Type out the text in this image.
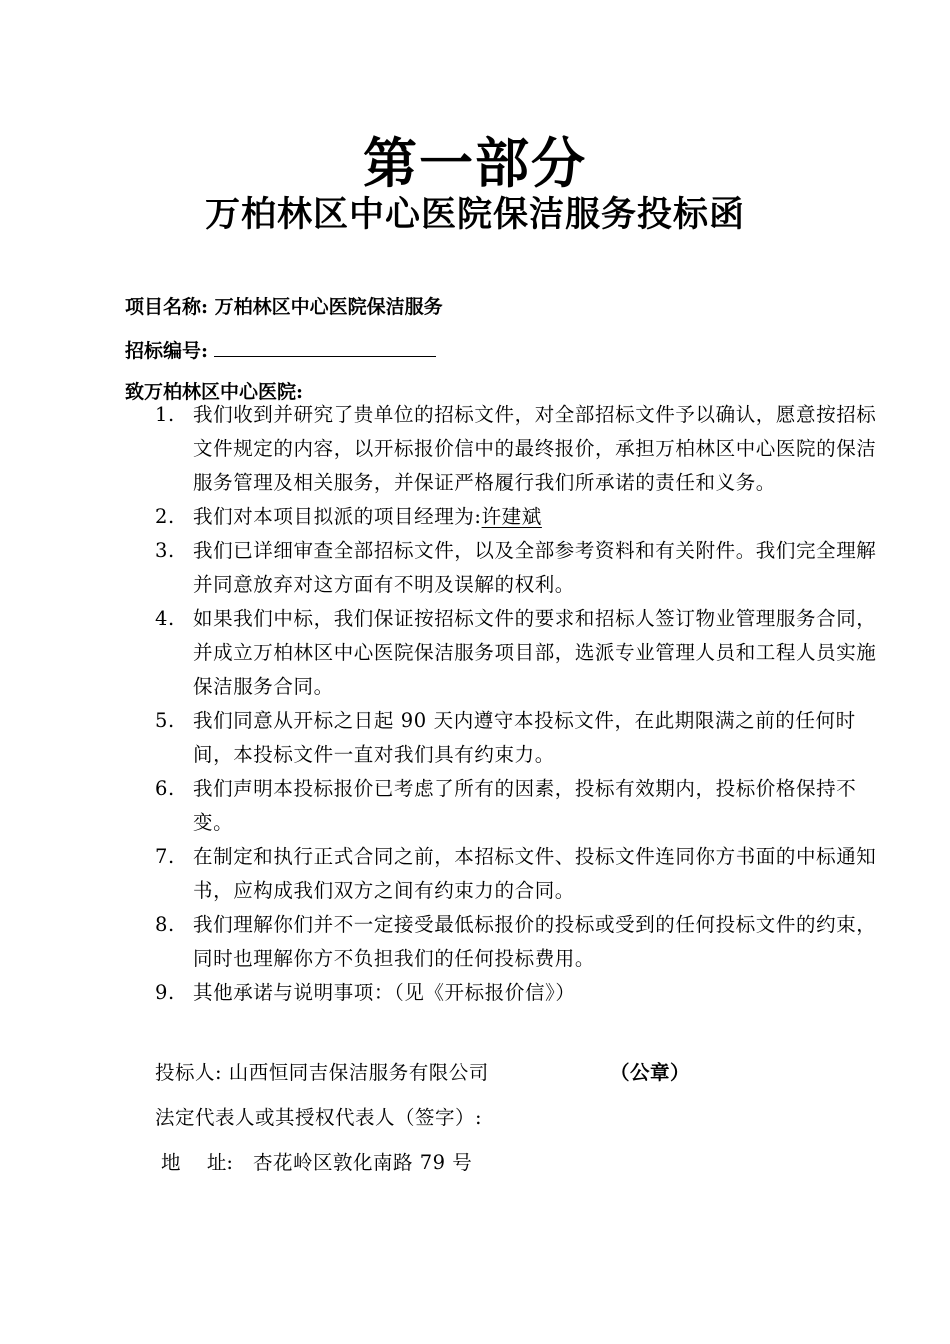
第一部分
万柏林区中心医院保洁服务投标函
项目名称: 万柏林区中心医院保洁服务
招标编号:
致万柏林区中心医院:
1. 我们收到并研究了贵单位的招标文件，对全部招标文件予以确认，愿意按招标文件规定的内容，以开标报价信中的最终报价，承担万柏林区中心医院的保洁服务管理及相关服务，并保证严格履行我们所承诺的责任和义务。
2. 我们对本项目拟派的项目经理为:许建斌
3. 我们已详细审查全部招标文件，以及全部参考资料和有关附件。我们完全理解并同意放弃对这方面有不明及误解的权利。
4. 如果我们中标，我们保证按招标文件的要求和招标人签订物业管理服务合同，并成立万柏林区中心医院保洁服务项目部，选派专业管理人员和工程人员实施保洁服务合同。
5. 我们同意从开标之日起 90 天内遵守本投标文件，在此期限满之前的任何时间，本投标文件一直对我们具有约束力。
6. 我们声明本投标报价已考虑了所有的因素，投标有效期内，投标价格保持不变。
7. 在制定和执行正式合同之前，本招标文件、投标文件连同你方书面的中标通知书，应构成我们双方之间有约束力的合同。
8. 我们理解你们并不一定接受最低标报价的投标或受到的任何投标文件的约束，同时也理解你方不负担我们的任何投标费用。
9. 其他承诺与说明事项：（见《开标报价信》）
投标人: 山西恒同吉保洁服务有限公司	（公章）
法定代表人或其授权代表人（签字）:
地 址:	杏花岭区敦化南路 79 号
